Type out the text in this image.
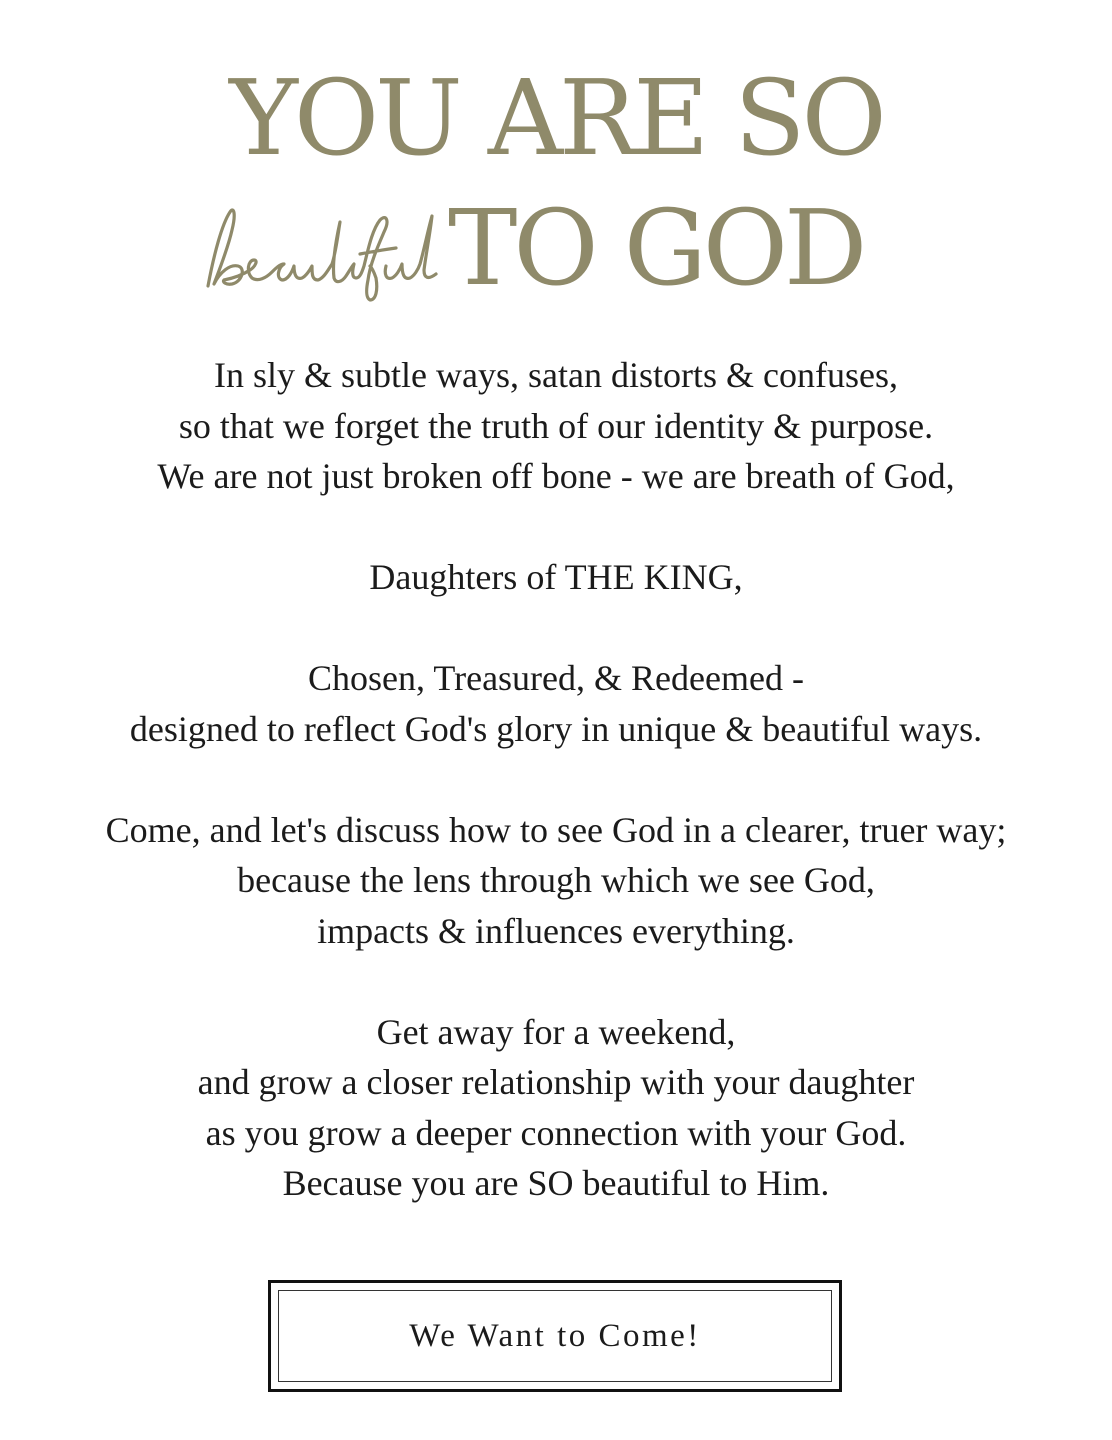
YOU ARE SO
TO GOD
In sly & subtle ways, satan distorts & confuses,
so that we forget the truth of our identity & purpose.
We are not just broken off bone - we are breath of God,
Daughters of THE KING,
Chosen, Treasured, & Redeemed -
designed to reflect God's glory in unique & beautiful ways.
Come, and let's discuss how to see God in a clearer, truer way;
because the lens through which we see God,
impacts & influences everything.
Get away for a weekend,
and grow a closer relationship with your daughter
as you grow a deeper connection with your God.
Because you are SO beautiful to Him.
We Want to Come!
